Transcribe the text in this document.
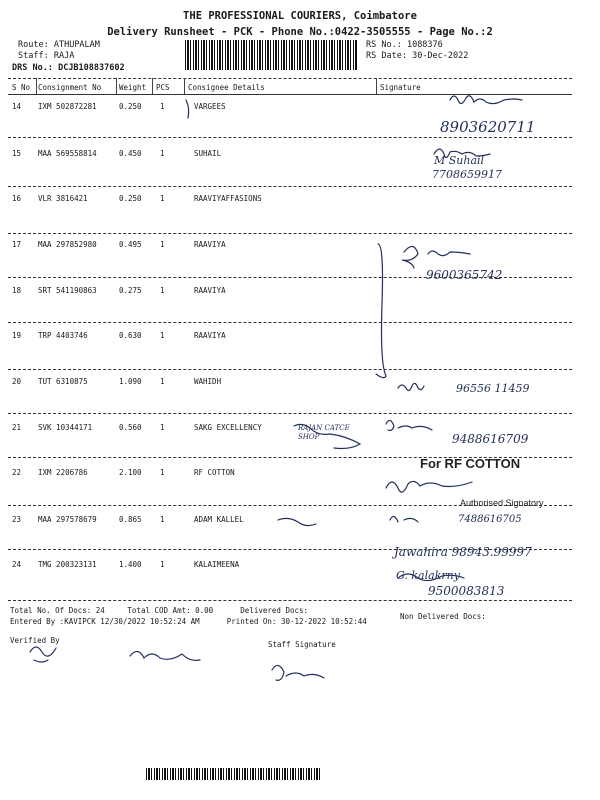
THE PROFESSIONAL COURIERS, Coimbatore
Delivery Runsheet - PCK - Phone No.:0422-3505555 - Page No.:2
Route: ATHUPALAM
Staff: RAJA
DRS No.: DCJB108837602
RS No.: 1088376
RS Date: 30-Dec-2022
S No Consignment No Weight PCS Consignee Details	Signature
14 IXM 502872281	0.250 1	VARGEES
15 MAA 569558814	0.450 1	SUHAIL
16 VLR 3816421	0.250 1	RAAVIYAFFASIONS
17 MAA 297852980	0.495 1	RAAVIYA
18 SRT 541190863	0.275 1	RAAVIYA
19 TRP 4403746	0.630 1	RAAVIYA
20 TUT 6310875	1.090 1	WAHIDH
21 SVK 10344171	0.560 1	SAKG EXCELLENCY
22 IXM 2206786	2.100 1	RF COTTON
23 MAA 297578679	0.865 1	ADAM KALLEL
24 TMG 200323131	1.400 1	KALAIMEENA
8903620711
M Suhail
7708659917
9600365742
96556 11459
RAJAN CATCE SHOP	9488616709
7488616705
Jawahira 98943.99997
G. kalakrny
9500083813
For RF COTTON
Authorised Signatory
Total No. Of Docs: 24	Total COD Amt: 0.00	Delivered Docs:
Non Delivered Docs:
Entered By :KAVIPCK 12/30/2022 10:52:24 AM	Printed On: 30-12-2022 10:52:44
Verified By	Staff Signature
